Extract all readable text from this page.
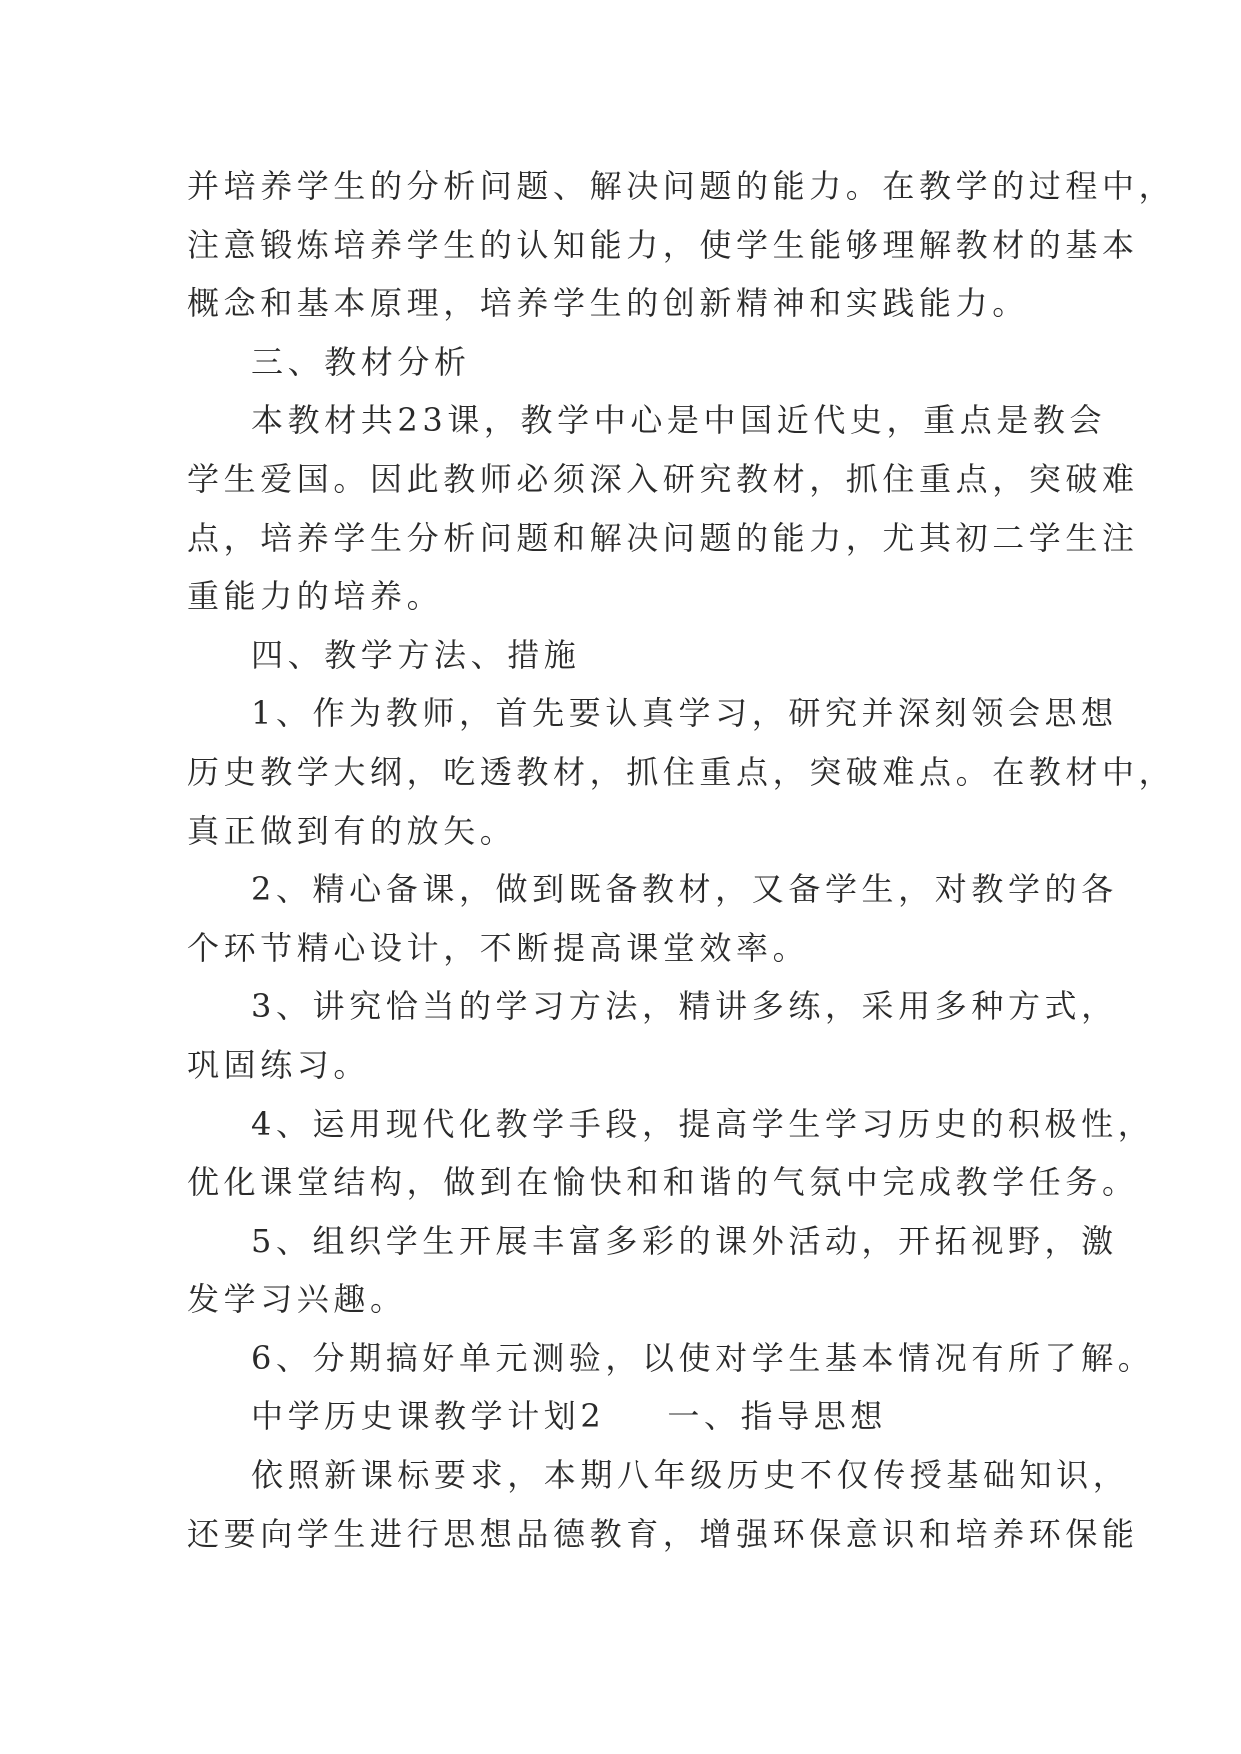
并培养学生的分析问题、解决问题的能力。在教学的过程中，
注意锻炼培养学生的认知能力，使学生能够理解教材的基本
概念和基本原理，培养学生的创新精神和实践能力。
三、教材分析
本教材共23课，教学中心是中国近代史，重点是教会
学生爱国。因此教师必须深入研究教材，抓住重点，突破难
点，培养学生分析问题和解决问题的能力，尤其初二学生注
重能力的培养。
四、教学方法、措施
1、作为教师，首先要认真学习，研究并深刻领会思想
历史教学大纲，吃透教材，抓住重点，突破难点。在教材中，
真正做到有的放矢。
2、精心备课，做到既备教材，又备学生，对教学的各
个环节精心设计，不断提高课堂效率。
3、讲究恰当的学习方法，精讲多练，采用多种方式，
巩固练习。
4、运用现代化教学手段，提高学生学习历史的积极性，
优化课堂结构，做到在愉快和和谐的气氛中完成教学任务。
5、组织学生开展丰富多彩的课外活动，开拓视野，激
发学习兴趣。
6、分期搞好单元测验，以使对学生基本情况有所了解。
中学历史课教学计划2 一、指导思想
依照新课标要求，本期八年级历史不仅传授基础知识，
还要向学生进行思想品德教育，增强环保意识和培养环保能
